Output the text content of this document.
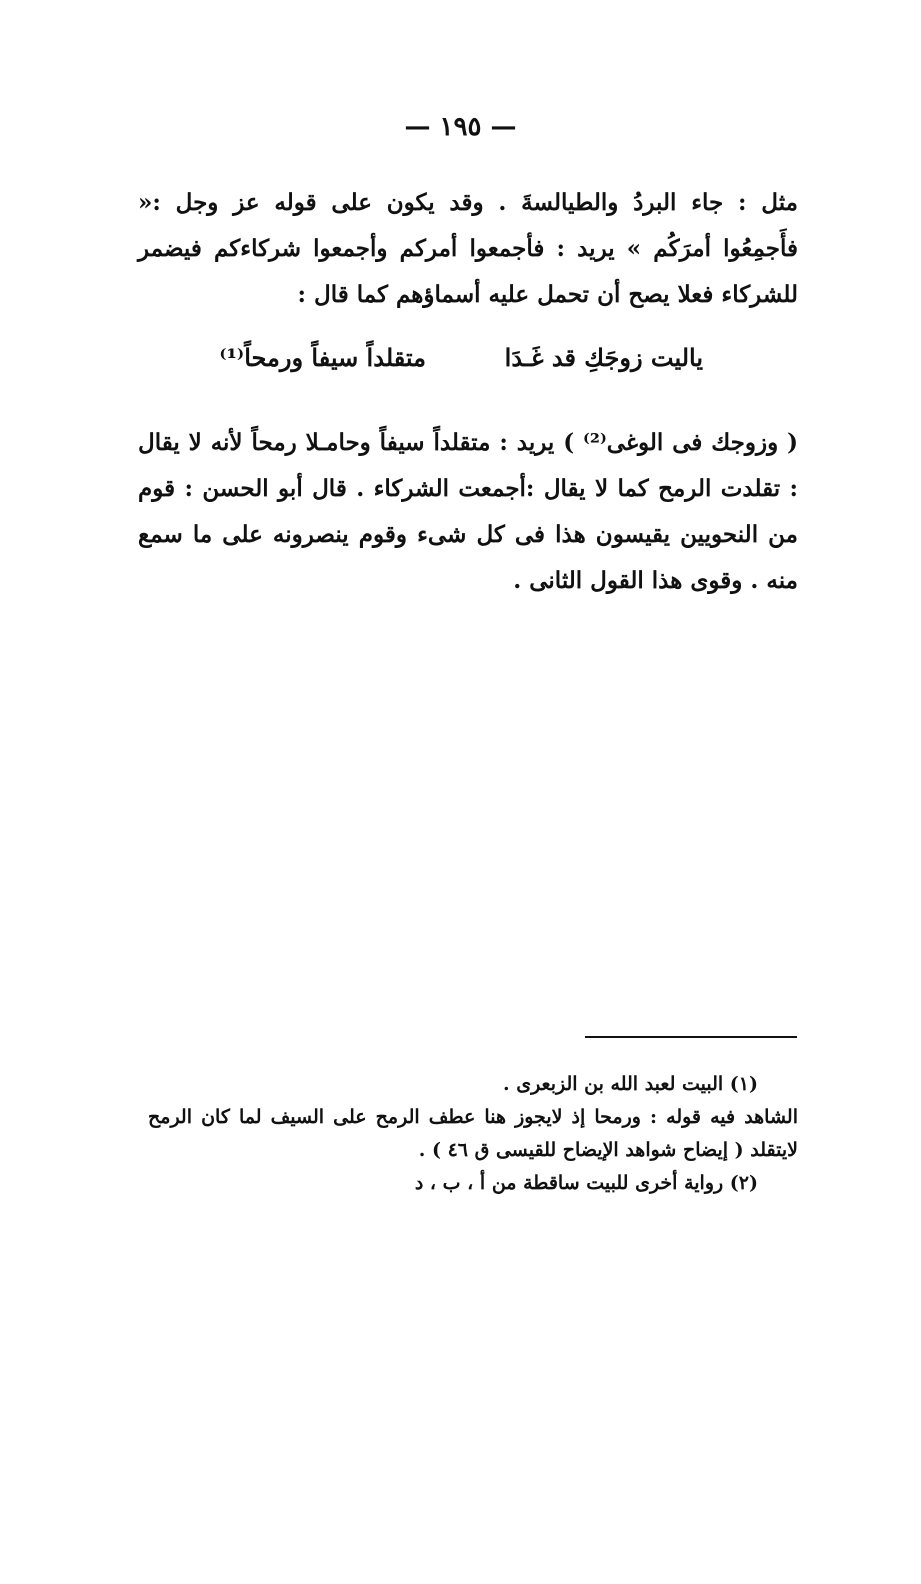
— ١٩٥ —

مثل : جاء البردُ والطيالسةَ . وقد يكون على قوله عز وجل :« فأَجمِعُوا أمرَكُم » يريد : فأجمعوا أمركم وأجمعوا شركاءكم فيضمر للشركاء فعلا يصح أن تحمل عليه أسماؤهم كما قال :

ياليت زوجَكِ قد غَـدَا
متقلداً سيفاً ورمحاً⁽¹⁾

( وزوجك فى الوغى⁽²⁾ ) يريد : متقلداً سيفاً وحامـلا رمحاً لأنه لا يقال : تقلدت الرمح كما لا يقال :أجمعت الشركاء . قال أبو الحسن : قوم من النحويين يقيسون هذا فى كل شىء وقوم ينصرونه على ما سمع منه . وقوى هذا القول الثانى .

(١) البيت لعبد الله بن الزبعرى .

الشاهد فيه قوله : ورمحا إذ لايجوز هنا عطف الرمح على السيف لما كان الرمح لايتقلد ( إيضاح شواهد الإيضاح للقيسى ق ٤٦ ) .

(٢) رواية أخرى للبيت ساقطة من أ ، ب ، د
